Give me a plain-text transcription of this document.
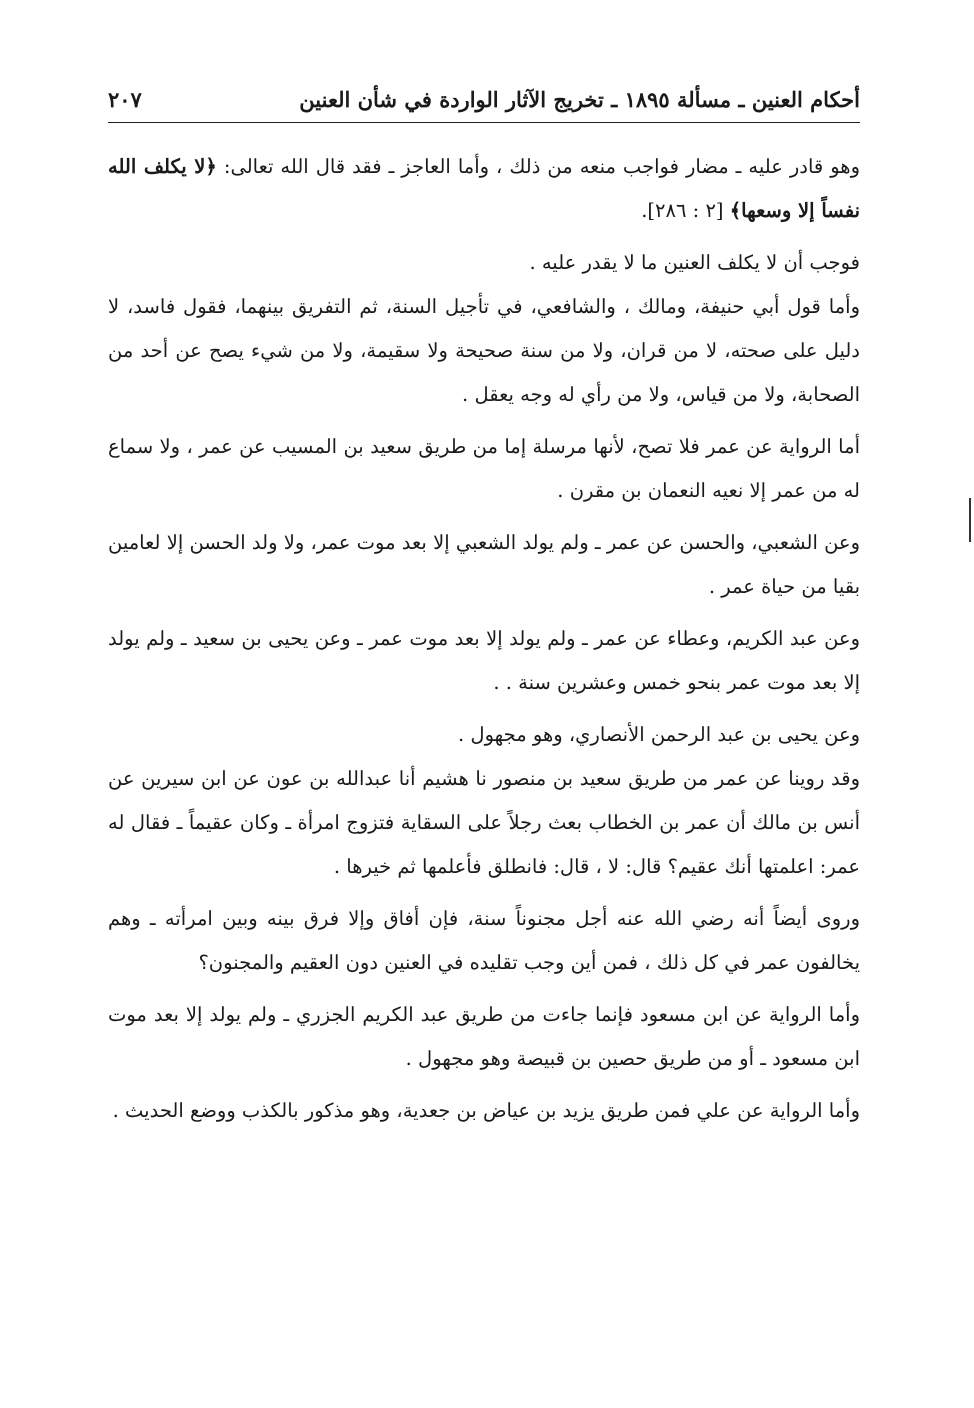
أحكام العنين ـ مسألة ١٨٩٥ ـ تخريج الآثار الواردة في شأن العنين
٢٠٧

وهو قادر عليه ـ مضار فواجب منعه من ذلك ، وأما العاجز ـ فقد قال الله تعالى: ﴿لا يكلف الله نفساً إلا وسعها﴾ [٢ : ٢٨٦].

فوجب أن لا يكلف العنين ما لا يقدر عليه .

وأما قول أبي حنيفة، ومالك ، والشافعي، في تأجيل السنة، ثم التفريق بينهما، فقول فاسد، لا دليل على صحته، لا من قران، ولا من سنة صحيحة ولا سقيمة، ولا من شيء يصح عن أحد من الصحابة، ولا من قياس، ولا من رأي له وجه يعقل .

أما الرواية عن عمر فلا تصح، لأنها مرسلة إما من طريق سعيد بن المسيب عن عمر ، ولا سماع له من عمر إلا نعيه النعمان بن مقرن .

وعن الشعبي، والحسن عن عمر ـ ولم يولد الشعبي إلا بعد موت عمر، ولا ولد الحسن إلا لعامين بقيا من حياة عمر .

وعن عبد الكريم، وعطاء عن عمر ـ ولم يولد إلا بعد موت عمر ـ وعن يحيى بن سعيد ـ ولم يولد إلا بعد موت عمر بنحو خمس وعشرين سنة . .

وعن يحيى بن عبد الرحمن الأنصاري، وهو مجهول .

وقد روينا عن عمر من طريق سعيد بن منصور نا هشيم أنا عبدالله بن عون عن ابن سيرين عن أنس بن مالك أن عمر بن الخطاب بعث رجلاً على السقاية فتزوج امرأة ـ وكان عقيماً ـ فقال له عمر: اعلمتها أنك عقيم؟ قال: لا ، قال: فانطلق فأعلمها ثم خيرها .

وروى أيضاً أنه رضي الله عنه أجل مجنوناً سنة، فإن أفاق وإلا فرق بينه وبين امرأته ـ وهم يخالفون عمر في كل ذلك ، فمن أين وجب تقليده في العنين دون العقيم والمجنون؟

وأما الرواية عن ابن مسعود فإنما جاءت من طريق عبد الكريم الجزري ـ ولم يولد إلا بعد موت ابن مسعود ـ أو من طريق حصين بن قبيصة وهو مجهول .

وأما الرواية عن علي فمن طريق يزيد بن عياض بن جعدية، وهو مذكور بالكذب ووضع الحديث .
